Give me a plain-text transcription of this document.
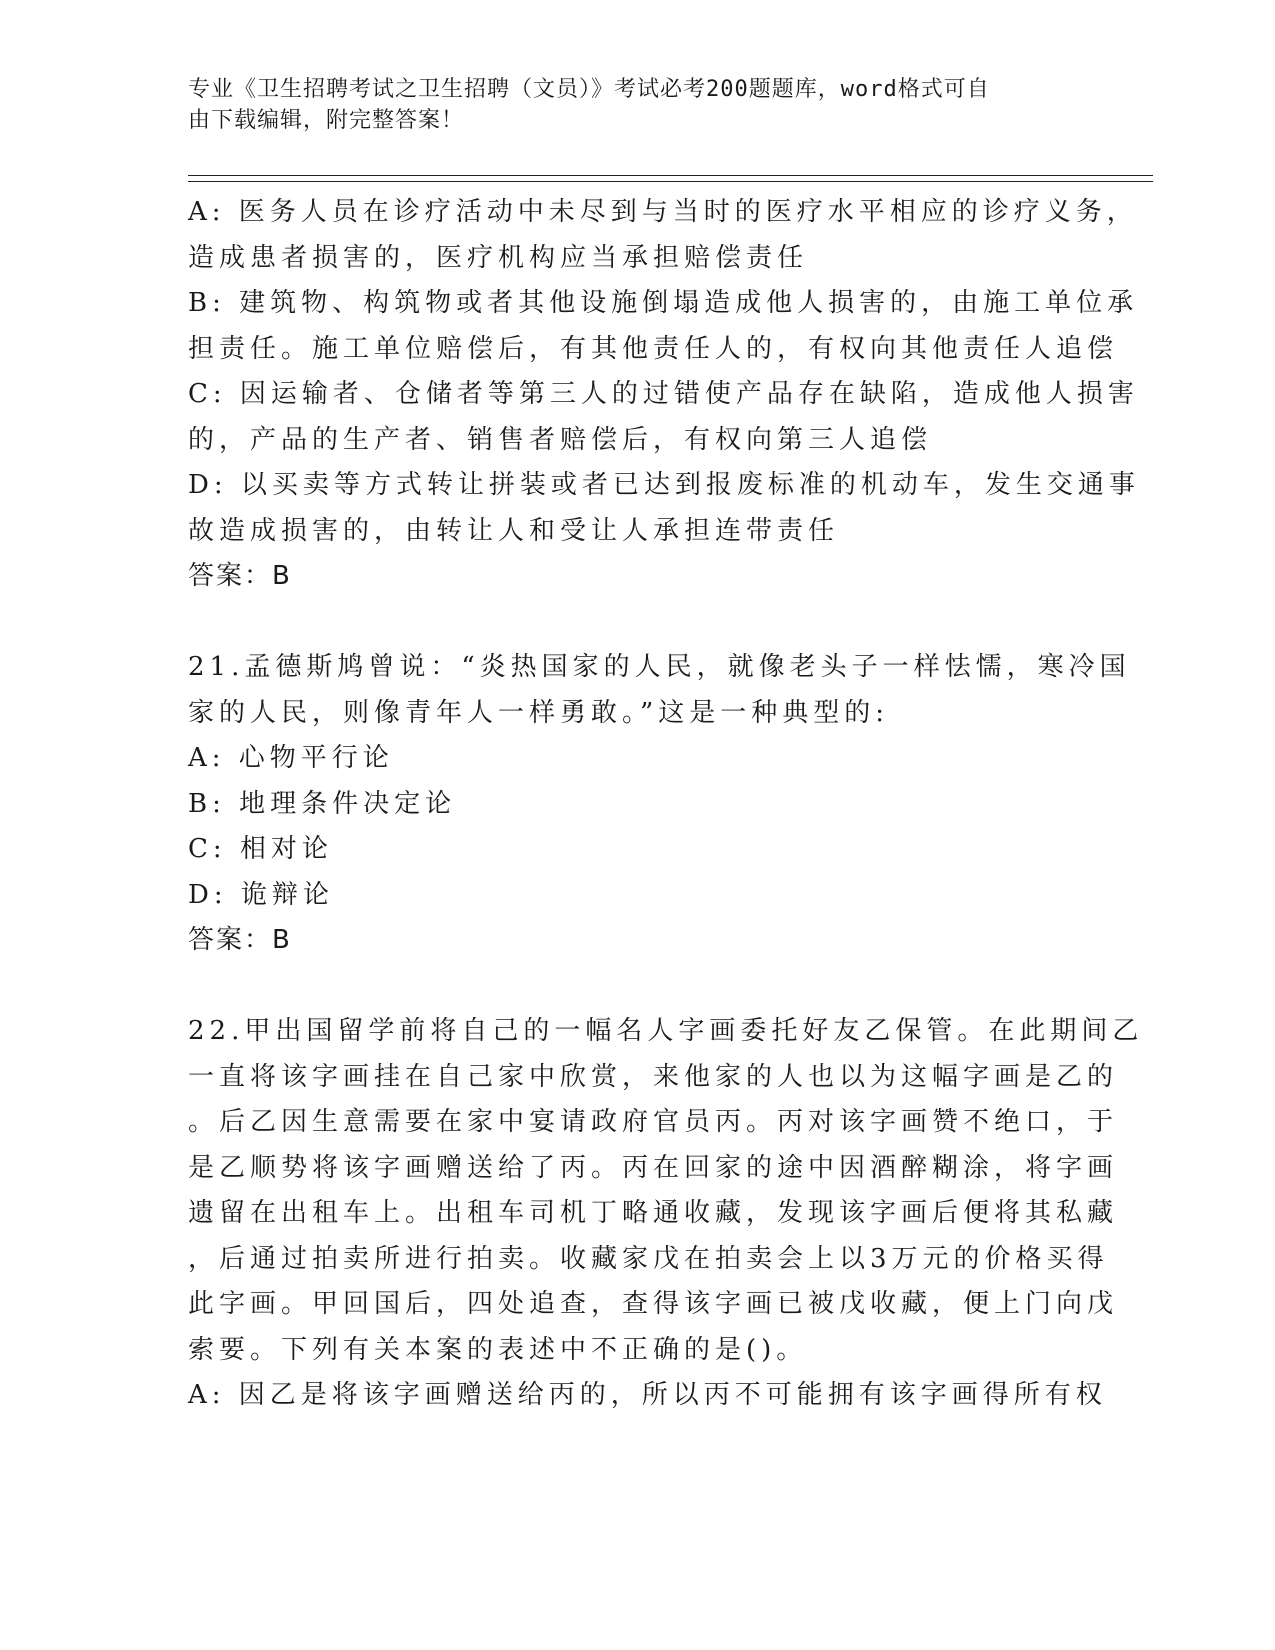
专业《卫生招聘考试之卫生招聘（文员）》考试必考200题题库，word格式可自
由下载编辑，附完整答案！
A: 医务人员在诊疗活动中未尽到与当时的医疗水平相应的诊疗义务，
造成患者损害的，医疗机构应当承担赔偿责任
B: 建筑物、构筑物或者其他设施倒塌造成他人损害的，由施工单位承
担责任。施工单位赔偿后，有其他责任人的，有权向其他责任人追偿
C: 因运输者、仓储者等第三人的过错使产品存在缺陷，造成他人损害
的，产品的生产者、销售者赔偿后，有权向第三人追偿
D: 以买卖等方式转让拼装或者已达到报废标准的机动车，发生交通事
故造成损害的，由转让人和受让人承担连带责任
答案：B
21.孟德斯鸠曾说：“炎热国家的人民，就像老头子一样怯懦，寒冷国
家的人民，则像青年人一样勇敢。”这是一种典型的:
A: 心物平行论
B: 地理条件决定论
C: 相对论
D: 诡辩论
答案：B
22.甲出国留学前将自己的一幅名人字画委托好友乙保管。在此期间乙
一直将该字画挂在自己家中欣赏，来他家的人也以为这幅字画是乙的
。后乙因生意需要在家中宴请政府官员丙。丙对该字画赞不绝口，于
是乙顺势将该字画赠送给了丙。丙在回家的途中因酒醉糊涂，将字画
遗留在出租车上。出租车司机丁略通收藏，发现该字画后便将其私藏
，后通过拍卖所进行拍卖。收藏家戊在拍卖会上以3万元的价格买得
此字画。甲回国后，四处追查，查得该字画已被戊收藏，便上门向戊
索要。下列有关本案的表述中不正确的是()。
A: 因乙是将该字画赠送给丙的，所以丙不可能拥有该字画得所有权
